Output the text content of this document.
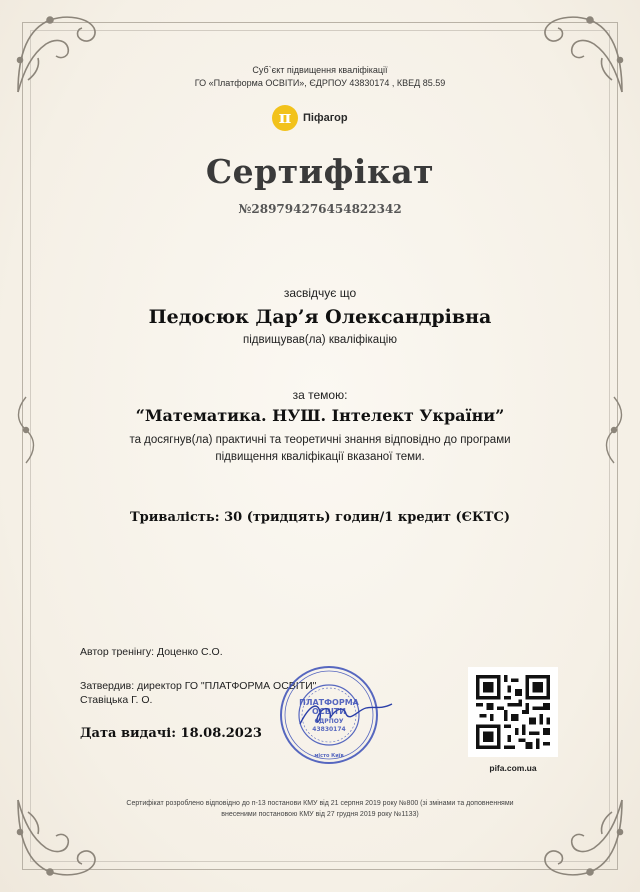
Суб`єкт підвищення кваліфікації
ГО «Платформа ОСВІТИ», ЄДРПОУ 43830174 , КВЕД 85.59
π	Піфагор
Сертифікат
№289794276454822342
засвідчує що
Педосюк Дар’я Олександрівна
підвищував(ла) кваліфікацію
за темою:
“Математика. НУШ. Інтелект України”
та досягнув(ла) практичні та теоретичні знання відповідно до програми
підвищення кваліфікації вказаної теми.
Тривалість: 30 (тридцять) годин/1 кредит (ЄКТС)
Автор тренінгу: Доценко С.О.
Затвердив: директор ГО "ПЛАТФОРМА ОСВІТИ"
Ставіцька Г. О.
Дата видачі: 18.08.2023
ПЛАТФОРМА
ОСВІТИ
ЄДРПОУ
43830174
місто Київ
pifa.com.ua
Сертифікат розроблено відповідно до п-13 постанови КМУ від 21 серпня 2019 року №800 (зі змінами та доповненнями
внесеними постановою КМУ від 27 грудня 2019 року №1133)
